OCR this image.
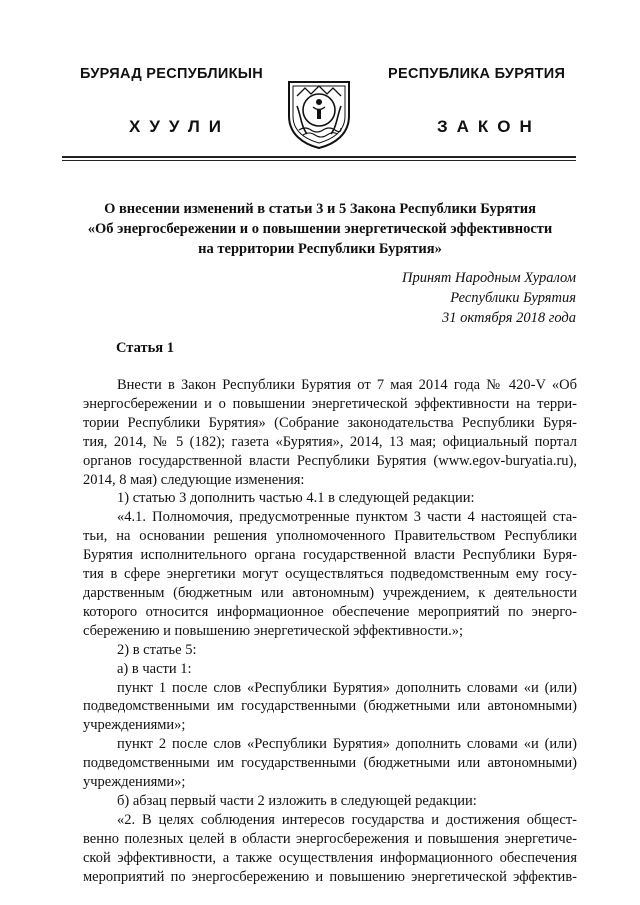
БУРЯАД РЕСПУБЛИКЫН
ХУУЛИ
РЕСПУБЛИКА БУРЯТИЯ
ЗАКОН
О внесении изменений в статьи 3 и 5 Закона Республики Бурятия
«Об энергосбережении и о повышении энергетической эффективности
на территории Республики Бурятия»
Принят Народным Хуралом
Республики Бурятия
31 октября 2018 года
Статья 1
Внести в Закон Республики Бурятия от 7 мая 2014 года № 420-V «Об
энергосбережении и о повышении энергетической эффективности на терри-
тории Республики Бурятия» (Собрание законодательства Республики Буря-
тия, 2014, № 5 (182); газета «Бурятия», 2014, 13 мая; официальный портал
органов государственной власти Республики Бурятия (www.egov-buryatia.ru),
2014, 8 мая) следующие изменения:
1) статью 3 дополнить частью 4.1 в следующей редакции:
«4.1. Полномочия, предусмотренные пунктом 3 части 4 настоящей ста-
тьи, на основании решения уполномоченного Правительством Республики
Бурятия исполнительного органа государственной власти Республики Буря-
тия в сфере энергетики могут осуществляться подведомственным ему госу-
дарственным (бюджетным или автономным) учреждением, к деятельности
которого относится информационное обеспечение мероприятий по энерго-
сбережению и повышению энергетической эффективности.»;
2) в статье 5:
а) в части 1:
пункт 1 после слов «Республики Бурятия» дополнить словами «и (или)
подведомственными им государственными (бюджетными или автономными)
учреждениями»;
пункт 2 после слов «Республики Бурятия» дополнить словами «и (или)
подведомственными им государственными (бюджетными или автономными)
учреждениями»;
б) абзац первый части 2 изложить в следующей редакции:
«2. В целях соблюдения интересов государства и достижения общест-
венно полезных целей в области энергосбережения и повышения энергетиче-
ской эффективности, а также осуществления информационного обеспечения
мероприятий по энергосбережению и повышению энергетической эффектив-
